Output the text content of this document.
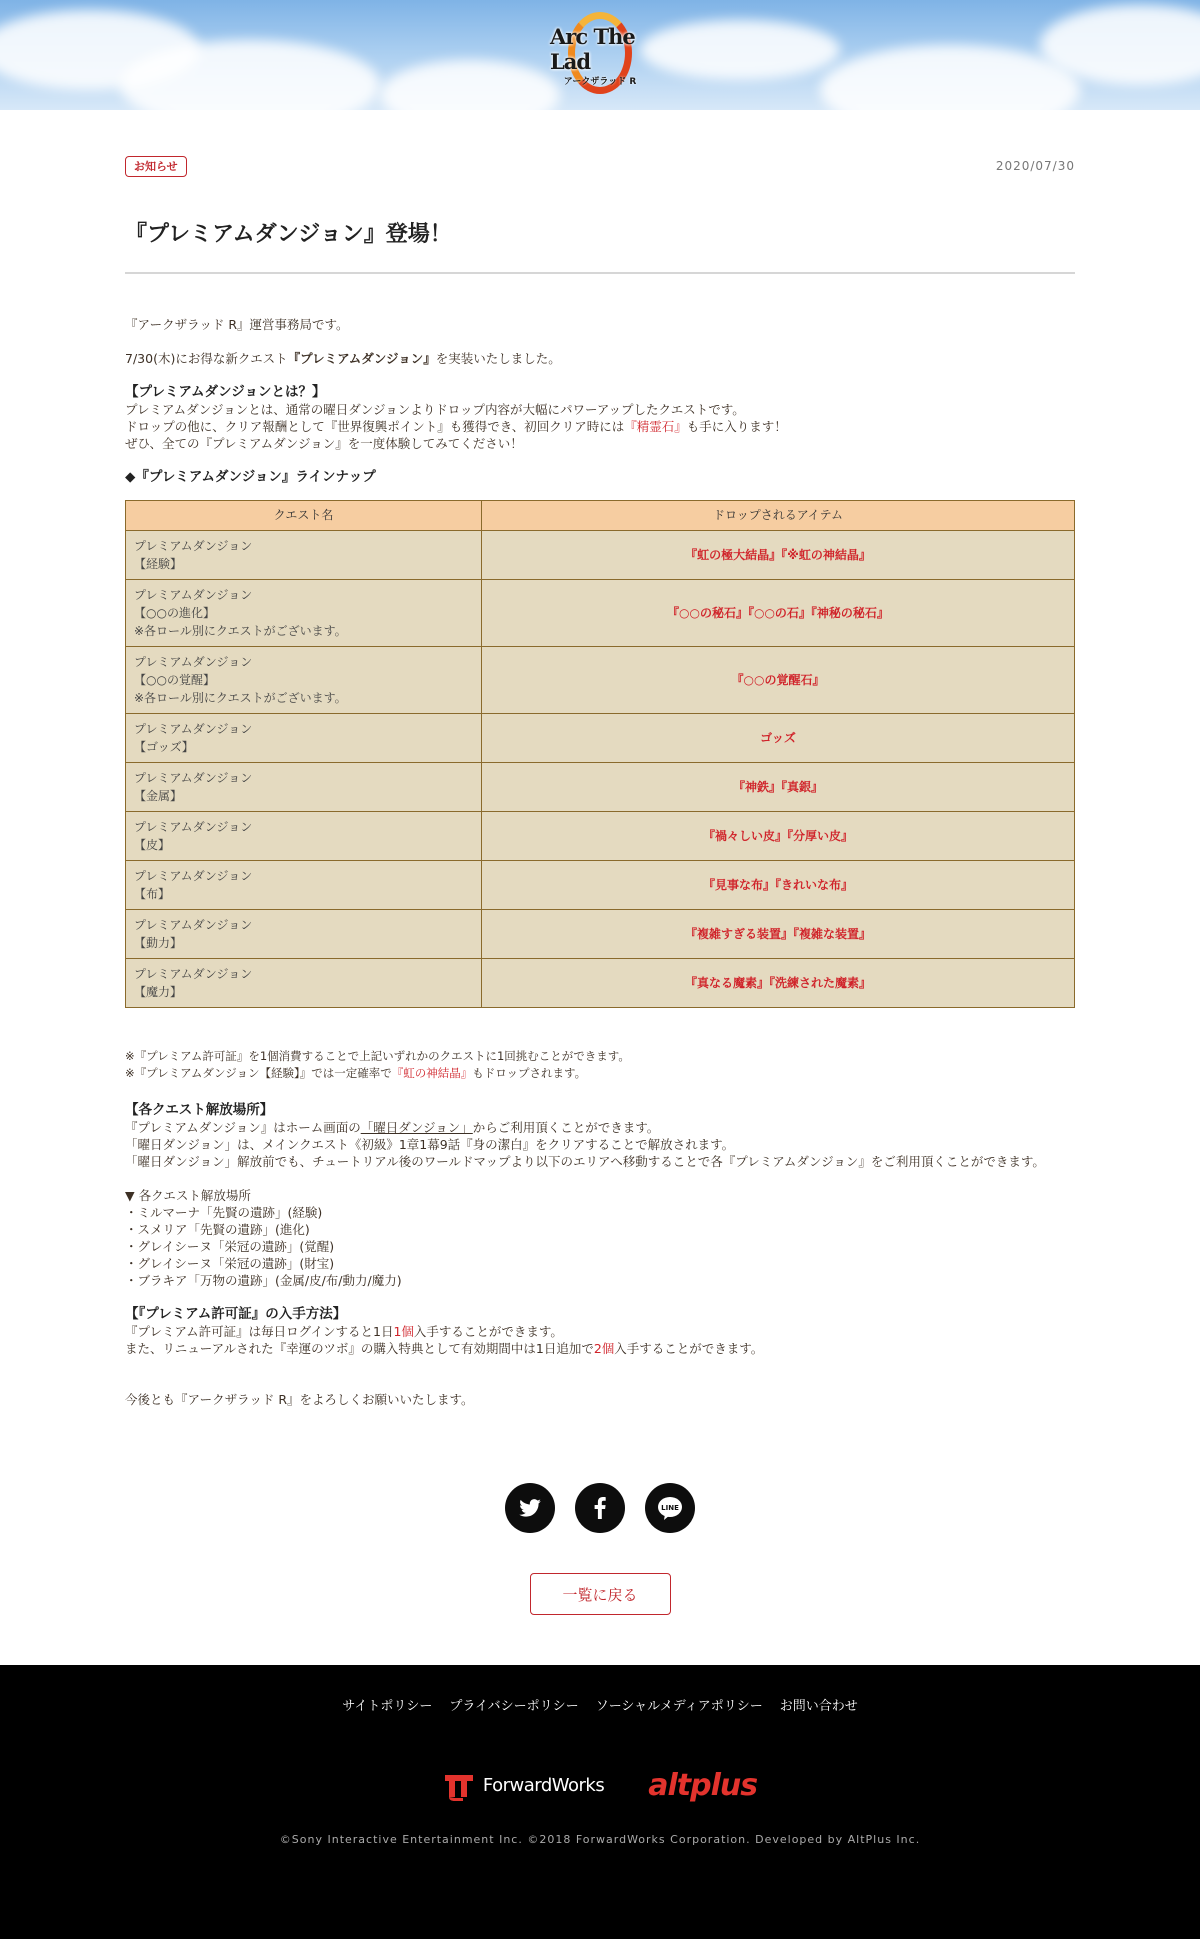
Arc The Lad
アークザラッド R
お知らせ	2020/07/30
『プレミアムダンジョン』登場！
『アークザラッド R』運営事務局です。
7/30(木)にお得な新クエスト『プレミアムダンジョン』を実装いたしました。
【プレミアムダンジョンとは？】
プレミアムダンジョンとは、通常の曜日ダンジョンよりドロップ内容が大幅にパワーアップしたクエストです。
ドロップの他に、クリア報酬として『世界復興ポイント』も獲得でき、初回クリア時には『精霊石』も手に入ります！
ぜひ、全ての『プレミアムダンジョン』を一度体験してみてください！
◆『プレミアムダンジョン』ラインナップ
クエスト名	ドロップされるアイテム

プレミアムダンジョン
【経験】	『虹の極大結晶』『※虹の神結晶』

プレミアムダンジョン
【○○の進化】
※各ロール別にクエストがございます。	『○○の秘石』『○○の石』『神秘の秘石』

プレミアムダンジョン
【○○の覚醒】
※各ロール別にクエストがございます。	『○○の覚醒石』

プレミアムダンジョン
【ゴッズ】	ゴッズ

プレミアムダンジョン
【金属】	『神鉄』『真銀』

プレミアムダンジョン
【皮】	『禍々しい皮』『分厚い皮』

プレミアムダンジョン
【布】	『見事な布』『きれいな布』

プレミアムダンジョン
【動力】	『複雑すぎる装置』『複雑な装置』

プレミアムダンジョン
【魔力】	『真なる魔素』『洗練された魔素』
※『プレミアム許可証』を1個消費することで上記いずれかのクエストに1回挑むことができます。
※『プレミアムダンジョン【経験】』では一定確率で『虹の神結晶』もドロップされます。
【各クエスト解放場所】
『プレミアムダンジョン』はホーム画面の「曜日ダンジョン」からご利用頂くことができます。
「曜日ダンジョン」は、メインクエスト《初級》1章1幕9話『身の潔白』をクリアすることで解放されます。
「曜日ダンジョン」解放前でも、チュートリアル後のワールドマップより以下のエリアへ移動することで各『プレミアムダンジョン』をご利用頂くことができます。
▼ 各クエスト解放場所
・ミルマーナ「先賢の遺跡」(経験)
・スメリア「先賢の遺跡」(進化)
・グレイシーヌ「栄冠の遺跡」(覚醒)
・グレイシーヌ「栄冠の遺跡」(財宝)
・ブラキア「万物の遺跡」(金属/皮/布/動力/魔力)
【『プレミアム許可証』の入手方法】
『プレミアム許可証』は毎日ログインすると1日1個入手することができます。
また、リニューアルされた『幸運のツボ』の購入特典として有効期間中は1日追加で2個入手することができます。
今後とも『アークザラッド R』をよろしくお願いいたします。
LINE
一覧に戻る
サイトポリシー プライバシーポリシー ソーシャルメディアポリシー お問い合わせ
ForwardWorks altplus
©Sony Interactive Entertainment Inc. ©2018 ForwardWorks Corporation. Developed by AltPlus Inc.
